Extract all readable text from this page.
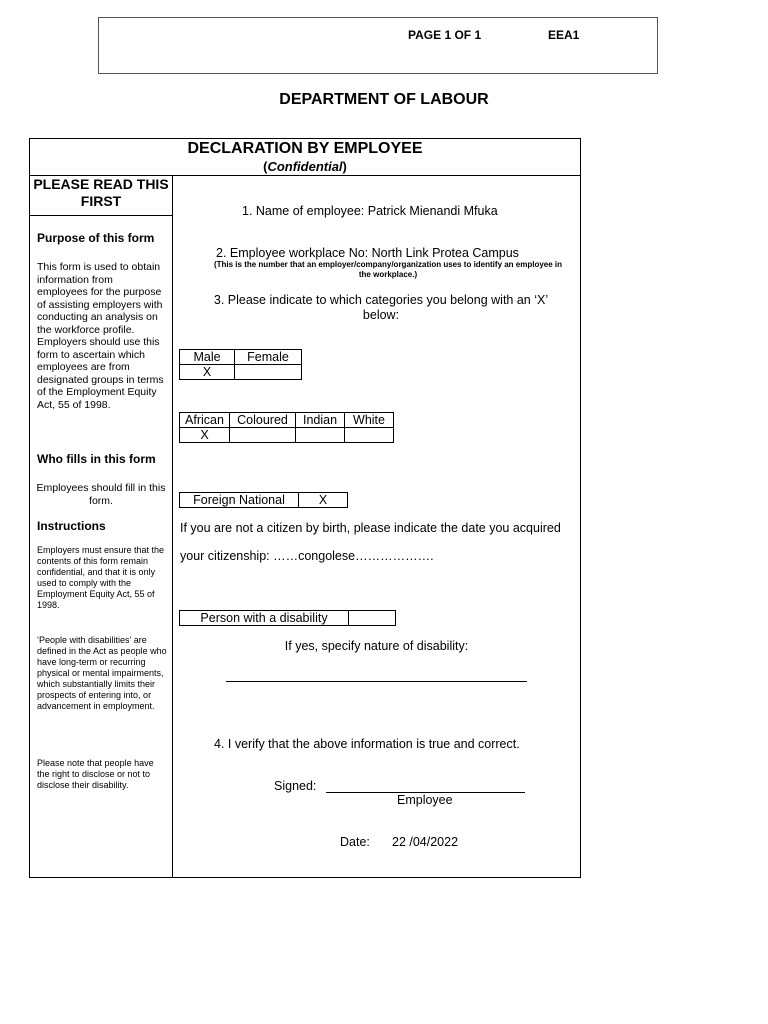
PAGE 1 OF 1	EEA1
DEPARTMENT OF LABOUR
DECLARATION BY EMPLOYEE
(Confidential)
PLEASE READ THIS FIRST
Purpose of this form
This form is used to obtain information from employees for the purpose of assisting employers with conducting an analysis on the workforce profile. Employers should use this form to ascertain which employees are from designated groups in terms of the Employment Equity Act, 55 of 1998.
Who fills in this form
Employees should fill in this form.
Instructions
Employers must ensure that the contents of this form remain confidential, and that it is only used to comply with the Employment Equity Act, 55 of 1998.
‘People with disabilities’ are defined in the Act as people who have long-term or recurring physical or mental impairments, which substantially limits their prospects of entering into, or advancement in employment.
Please note that people have the right to disclose or not to disclose their disability.
1. Name of employee: Patrick Mienandi Mfuka
2. Employee workplace No: North Link Protea Campus
(This is the number that an employer/company/organization uses to identify an employee in the workplace.)
3. Please indicate to which categories you belong with an ‘X’ below:
Male	Female
X	
African	Coloured	Indian	White
X			
Foreign National	X
If you are not a citizen by birth, please indicate the date you acquired
your citizenship: ……congolese……………….
Person with a disability	
If yes, specify nature of disability:
4. I verify that the above information is true and correct.
Signed:
Employee
Date: 22 /04/2022
